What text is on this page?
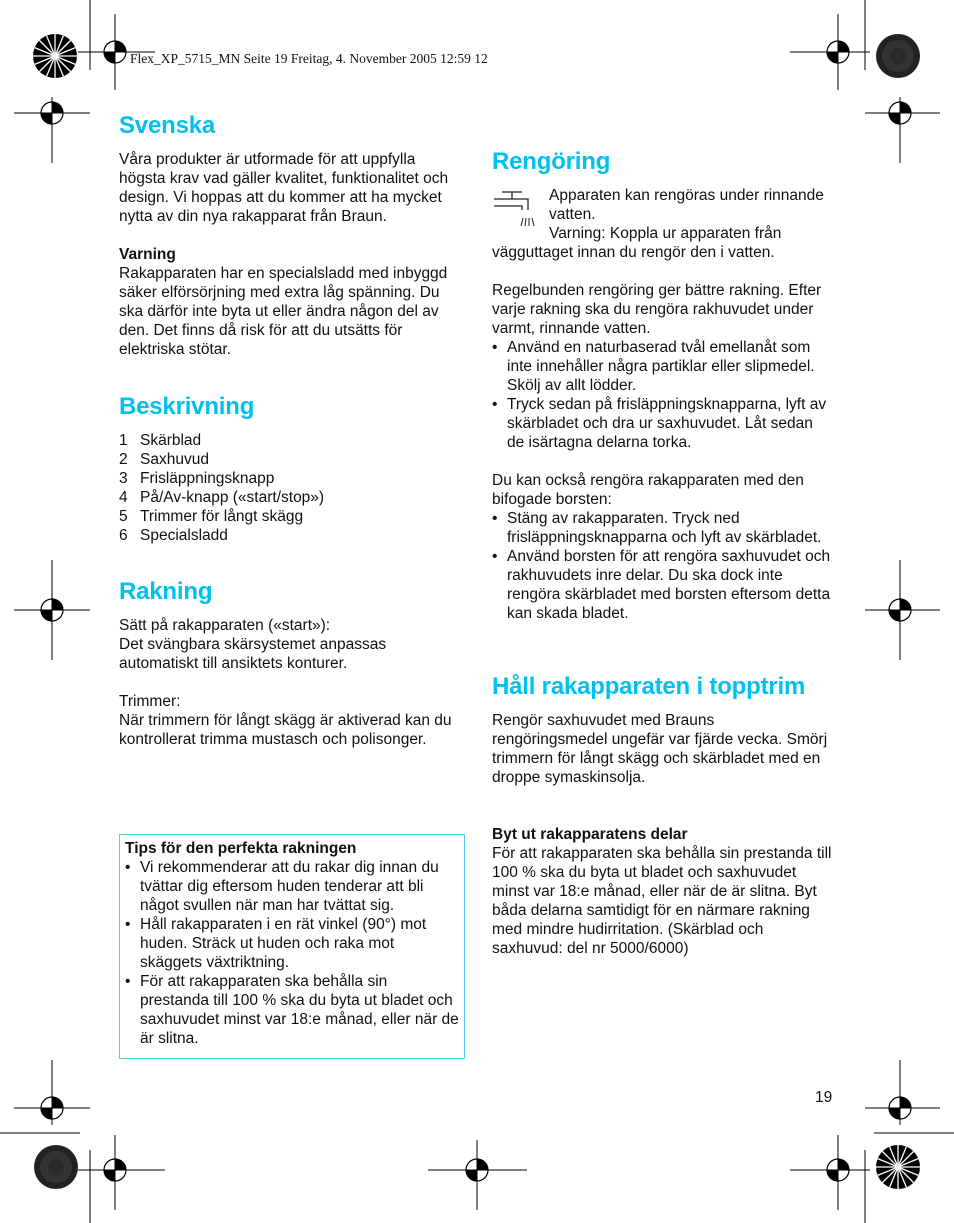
Flex_XP_5715_MN Seite 19 Freitag, 4. November 2005 12:59 12
Svenska

Våra produkter är utformade för att uppfylla högsta krav vad gäller kvalitet, funktionalitet och design. Vi hoppas att du kommer att ha mycket nytta av din nya rakapparat från Braun.

Varning

Rakapparaten har en specialsladd med inbyggd säker elförsörjning med extra låg spänning. Du ska därför inte byta ut eller ändra någon del av den. Det finns då risk för att du utsätts för elektriska stötar.

Beskrivning
1 Skärblad
2 Saxhuvud
3 Frisläppningsknapp
4 På/Av-knapp («start/stop»)
5 Trimmer för långt skägg
6 Specialsladd
Rakning

Sätt på rakapparaten («start»):

Det svängbara skärsystemet anpassas automatiskt till ansiktets konturer.

Trimmer:

När trimmern för långt skägg är aktiverad kan du kontrollerat trimma mustasch och polisonger.

Tips för den perfekta rakningen

• Vi rekommenderar att du rakar dig innan du tvättar dig eftersom huden tenderar att bli något svullen när man har tvättat sig.
• Håll rakapparaten i en rät vinkel (90°) mot huden. Sträck ut huden och raka mot skäggets växtriktning.
• För att rakapparaten ska behålla sin prestanda till 100 % ska du byta ut bladet och saxhuvudet minst var 18:e månad, eller när de är slitna.
Rengöring

Apparaten kan rengöras under rinnande vatten.

Varning: Koppla ur apparaten från vägguttaget innan du rengör den i vatten.

Regelbunden rengöring ger bättre rakning. Efter varje rakning ska du rengöra rakhuvudet under varmt, rinnande vatten.

• Använd en naturbaserad tvål emellanåt som inte innehåller några partiklar eller slipmedel. Skölj av allt lödder.
• Tryck sedan på frisläppningsknapparna, lyft av skärbladet och dra ur saxhuvudet. Låt sedan de isärtagna delarna torka.

Du kan också rengöra rakapparaten med den bifogade borsten:

• Stäng av rakapparaten. Tryck ned frisläppningsknapparna och lyft av skärbladet.
• Använd borsten för att rengöra saxhuvudet och rakhuvudets inre delar. Du ska dock inte rengöra skärbladet med borsten eftersom detta kan skada bladet.
Håll rakapparaten i topptrim

Rengör saxhuvudet med Brauns rengöringsmedel ungefär var fjärde vecka. Smörj trimmern för långt skägg och skärbladet med en droppe symaskinsolja.

Byt ut rakapparatens delar

För att rakapparaten ska behålla sin prestanda till 100 % ska du byta ut bladet och saxhuvudet minst var 18:e månad, eller när de är slitna. Byt båda delarna samtidigt för en närmare rakning med mindre hudirritation. (Skärblad och saxhuvud: del nr 5000/6000)

19
